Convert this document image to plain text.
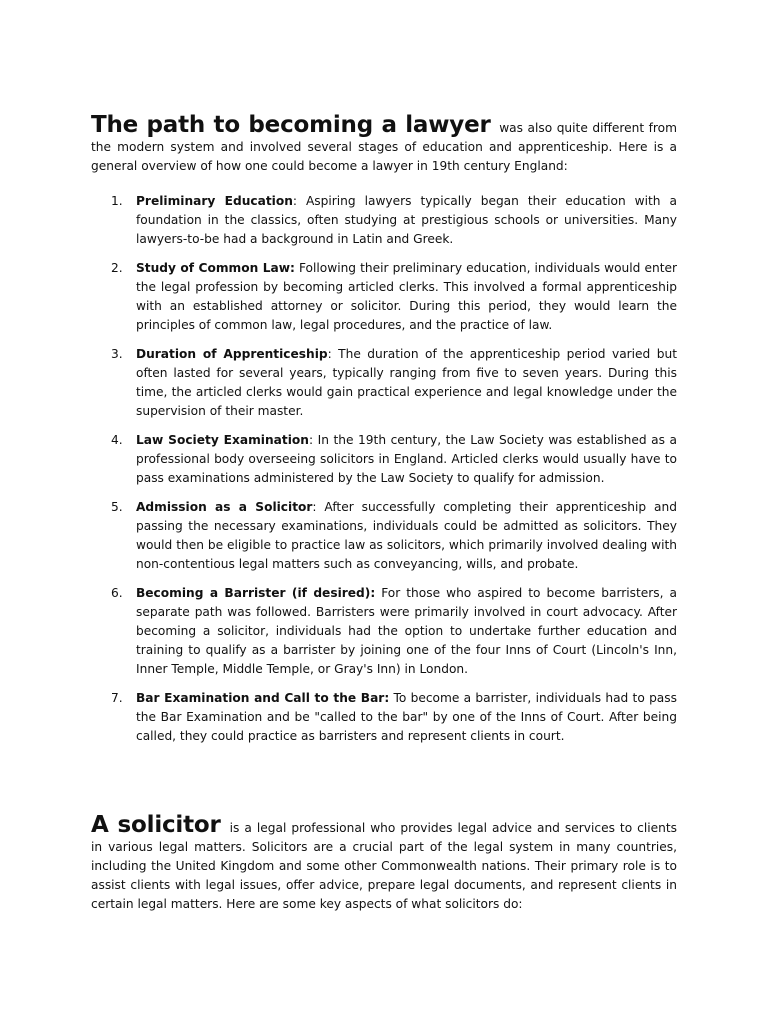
The path to becoming a lawyer was also quite different from the modern system and involved several stages of education and apprenticeship. Here is a general overview of how one could become a lawyer in 19th century England:

1. Preliminary Education: Aspiring lawyers typically began their education with a foundation in the classics, often studying at prestigious schools or universities. Many lawyers-to-be had a background in Latin and Greek.
2. Study of Common Law: Following their preliminary education, individuals would enter the legal profession by becoming articled clerks. This involved a formal apprenticeship with an established attorney or solicitor. During this period, they would learn the principles of common law, legal procedures, and the practice of law.
3. Duration of Apprenticeship: The duration of the apprenticeship period varied but often lasted for several years, typically ranging from five to seven years. During this time, the articled clerks would gain practical experience and legal knowledge under the supervision of their master.
4. Law Society Examination: In the 19th century, the Law Society was established as a professional body overseeing solicitors in England. Articled clerks would usually have to pass examinations administered by the Law Society to qualify for admission.
5. Admission as a Solicitor: After successfully completing their apprenticeship and passing the necessary examinations, individuals could be admitted as solicitors. They would then be eligible to practice law as solicitors, which primarily involved dealing with non-contentious legal matters such as conveyancing, wills, and probate.
6. Becoming a Barrister (if desired): For those who aspired to become barristers, a separate path was followed. Barristers were primarily involved in court advocacy. After becoming a solicitor, individuals had the option to undertake further education and training to qualify as a barrister by joining one of the four Inns of Court (Lincoln's Inn, Inner Temple, Middle Temple, or Gray's Inn) in London.
7. Bar Examination and Call to the Bar: To become a barrister, individuals had to pass the Bar Examination and be "called to the bar" by one of the Inns of Court. After being called, they could practice as barristers and represent clients in court.

A solicitor is a legal professional who provides legal advice and services to clients in various legal matters. Solicitors are a crucial part of the legal system in many countries, including the United Kingdom and some other Commonwealth nations. Their primary role is to assist clients with legal issues, offer advice, prepare legal documents, and represent clients in certain legal matters. Here are some key aspects of what solicitors do:
